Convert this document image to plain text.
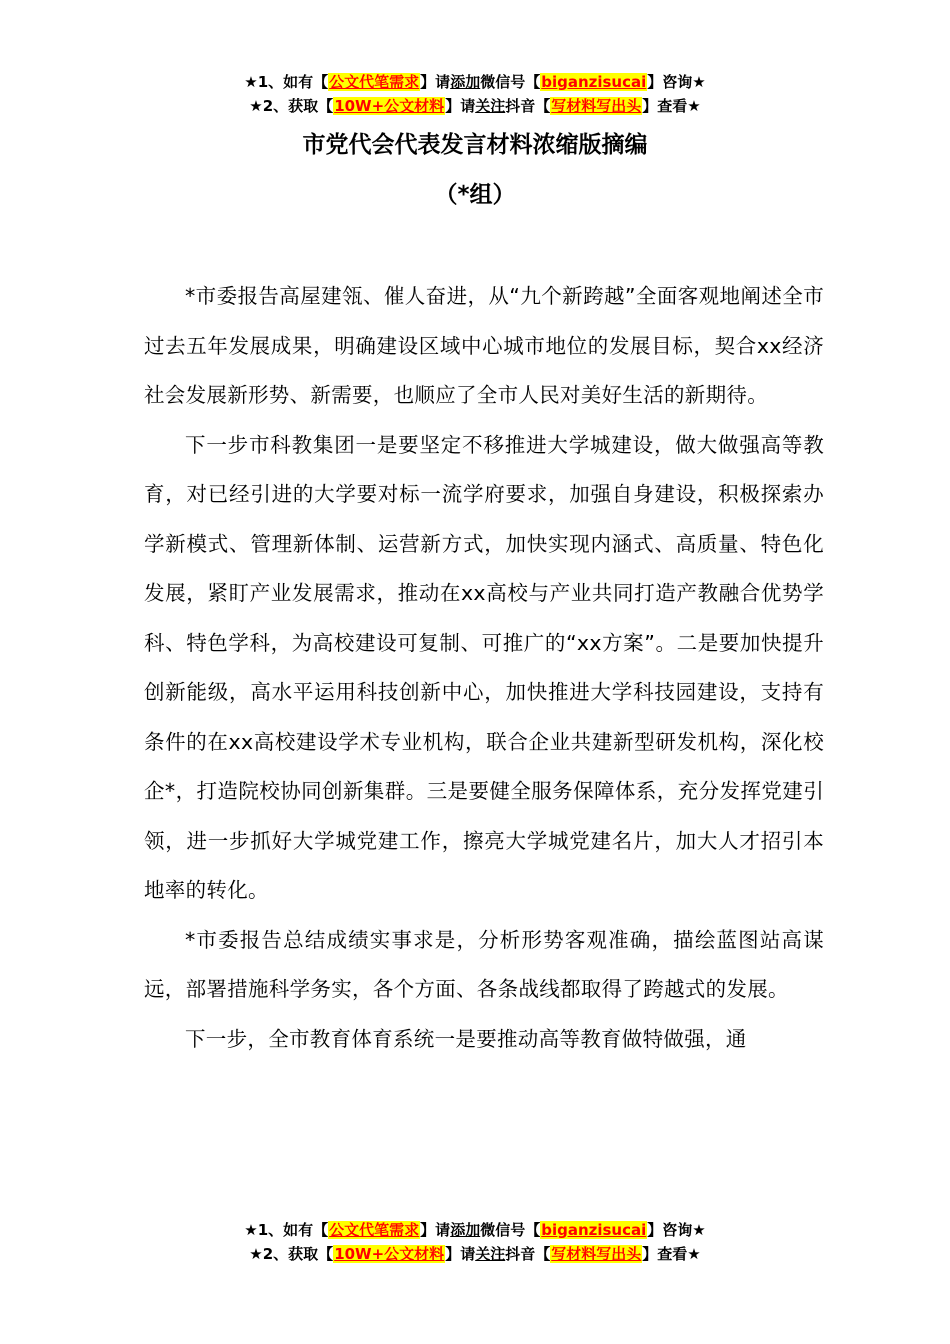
★1、如有【公文代笔需求】请添加微信号【biganzisucai】咨询★
★2、获取【10W+公文材料】请关注抖音【写材料写出头】查看★
市党代会代表发言材料浓缩版摘编
（*组）

*市委报告高屋建瓴、催人奋进，从“九个新跨越”全面客观地阐述全市过去五年发展成果，明确建设区域中心城市地位的发展目标，契合xx经济社会发展新形势、新需要，也顺应了全市人民对美好生活的新期待。

下一步市科教集团一是要坚定不移推进大学城建设，做大做强高等教育，对已经引进的大学要对标一流学府要求，加强自身建设，积极探索办学新模式、管理新体制、运营新方式，加快实现内涵式、高质量、特色化发展，紧盯产业发展需求，推动在xx高校与产业共同打造产教融合优势学科、特色学科，为高校建设可复制、可推广的“xx方案”。二是要加快提升创新能级，高水平运用科技创新中心，加快推进大学科技园建设，支持有条件的在xx高校建设学术专业机构，联合企业共建新型研发机构，深化校企*，打造院校协同创新集群。三是要健全服务保障体系，充分发挥党建引领，进一步抓好大学城党建工作，擦亮大学城党建名片，加大人才招引本地率的转化。

*市委报告总结成绩实事求是，分析形势客观准确，描绘蓝图站高谋远，部署措施科学务实，各个方面、各条战线都取得了跨越式的发展。

下一步，全市教育体育系统一是要推动高等教育做特做强，通

★1、如有【公文代笔需求】请添加微信号【biganzisucai】咨询★
★2、获取【10W+公文材料】请关注抖音【写材料写出头】查看★
